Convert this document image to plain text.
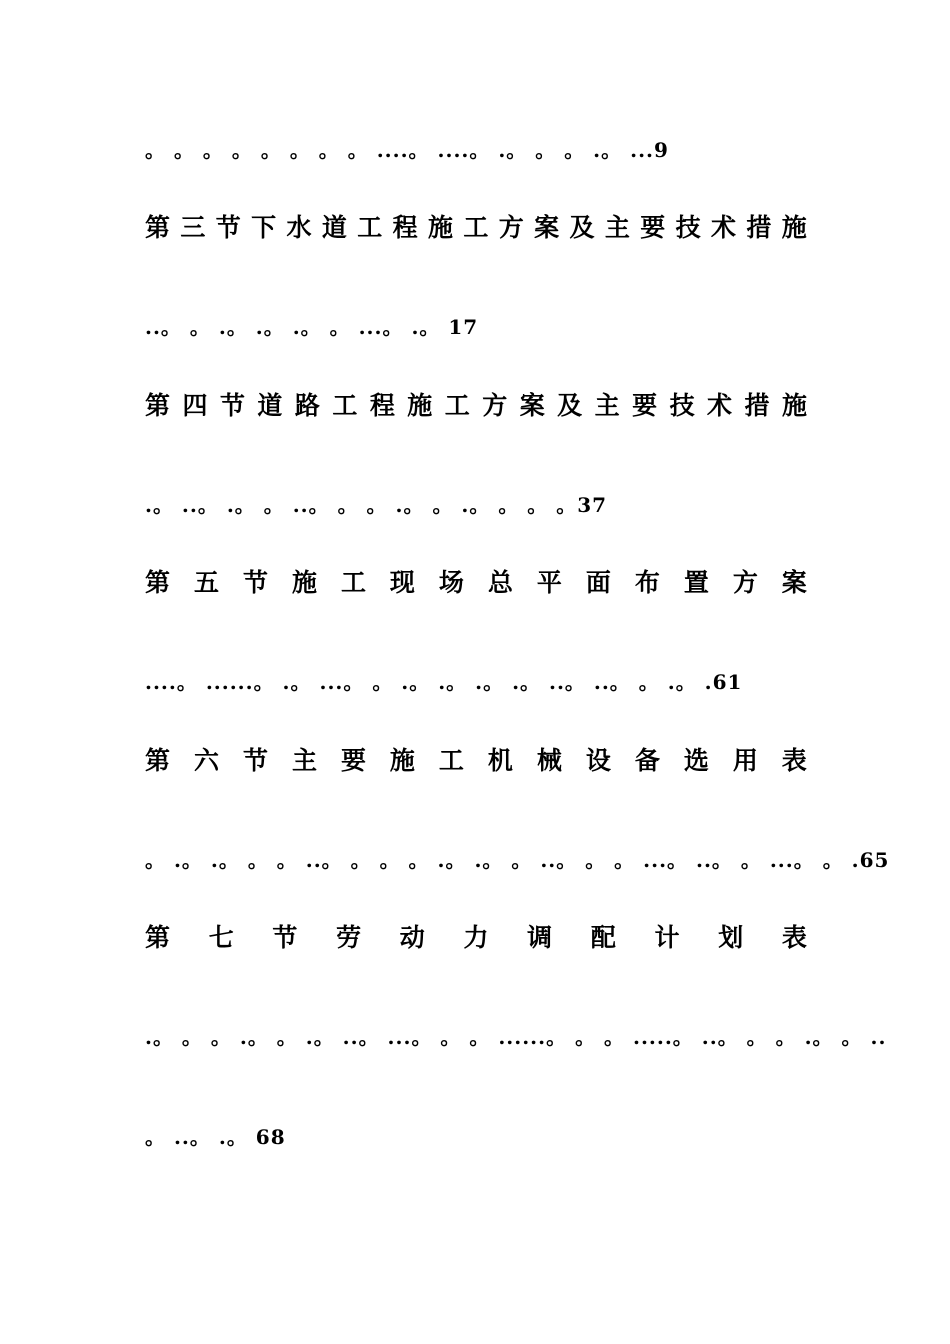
。 。 。 。 。 。 。 。 ....。 ....。 .。 。 。 .。 ...9
第 三 节 下 水 道 工 程 施 工 方 案 及 主 要 技 术 措 施
..。 。 .。 .。 .。 。 ...。 .。 17
第 四 节 道 路 工 程 施 工 方 案 及 主 要 技 术 措 施
.。 ..。 .。 。 ..。 。 。 .。 。 .。 。 。 。37
第 五 节 施 工 现 场 总 平 面 布 置 方 案
....。 ......。 .。 ...。 。 .。 .。 .。 .。 ..。 ..。 。 .。 .61
第 六 节 主 要 施 工 机 械 设 备 选 用 表
。 .。 .。 。 。 ..。 。 。 。 .。 .。 。 ..。 。 。 ...。 ..。 。 ...。 。 .65
第 七 节 劳 动 力 调 配 计 划 表
.。 。 。 .。 。 .。 ..。 ...。 。 。 ......。 。 。 .....。 ..。 。 。 .。 。 ..
。 ..。 .。 68
